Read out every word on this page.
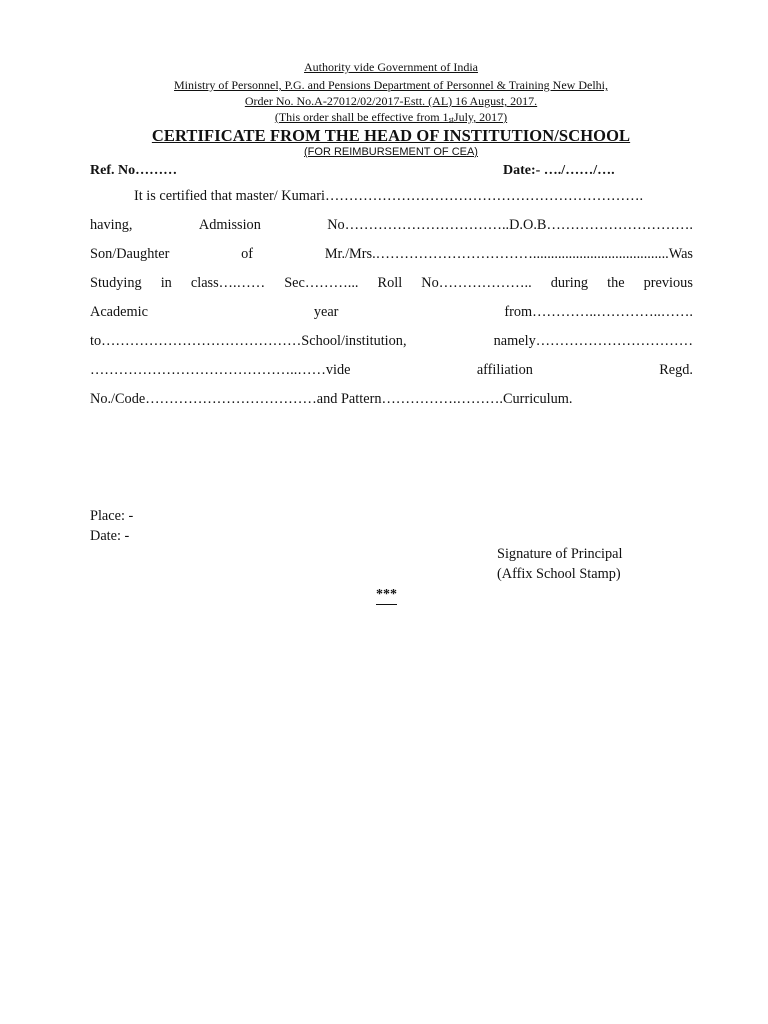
Authority vide Government of India
Ministry of Personnel, P.G. and Pensions Department of Personnel & Training New Delhi,
Order No. No.A-27012/02/2017-Estt. (AL) 16 August, 2017.
(This order shall be effective from 1stJuly, 2017)
CERTIFICATE FROM THE HEAD OF INSTITUTION/SCHOOL
(FOR REIMBURSEMENT OF CEA)
Ref. No………	Date:- …./……/….
It is certified that master/ Kumari………………………………………………………….
having,	Admission	No……………………………..D.O.B………………………….
Son/Daughter	of	Mr./Mrs.……………………………......................................Was
Studying in class….…… Sec………... Roll No……………….. during the previous
Academic	year	from…………..…………..…….
to……………………………………School/institution,	namely……………………………
……………………………………..……vide	affiliation	Regd.
No./Code………………………………and Pattern…………….……….Curriculum.
Place: -
Date: -
Signature of Principal
(Affix School Stamp)
***
